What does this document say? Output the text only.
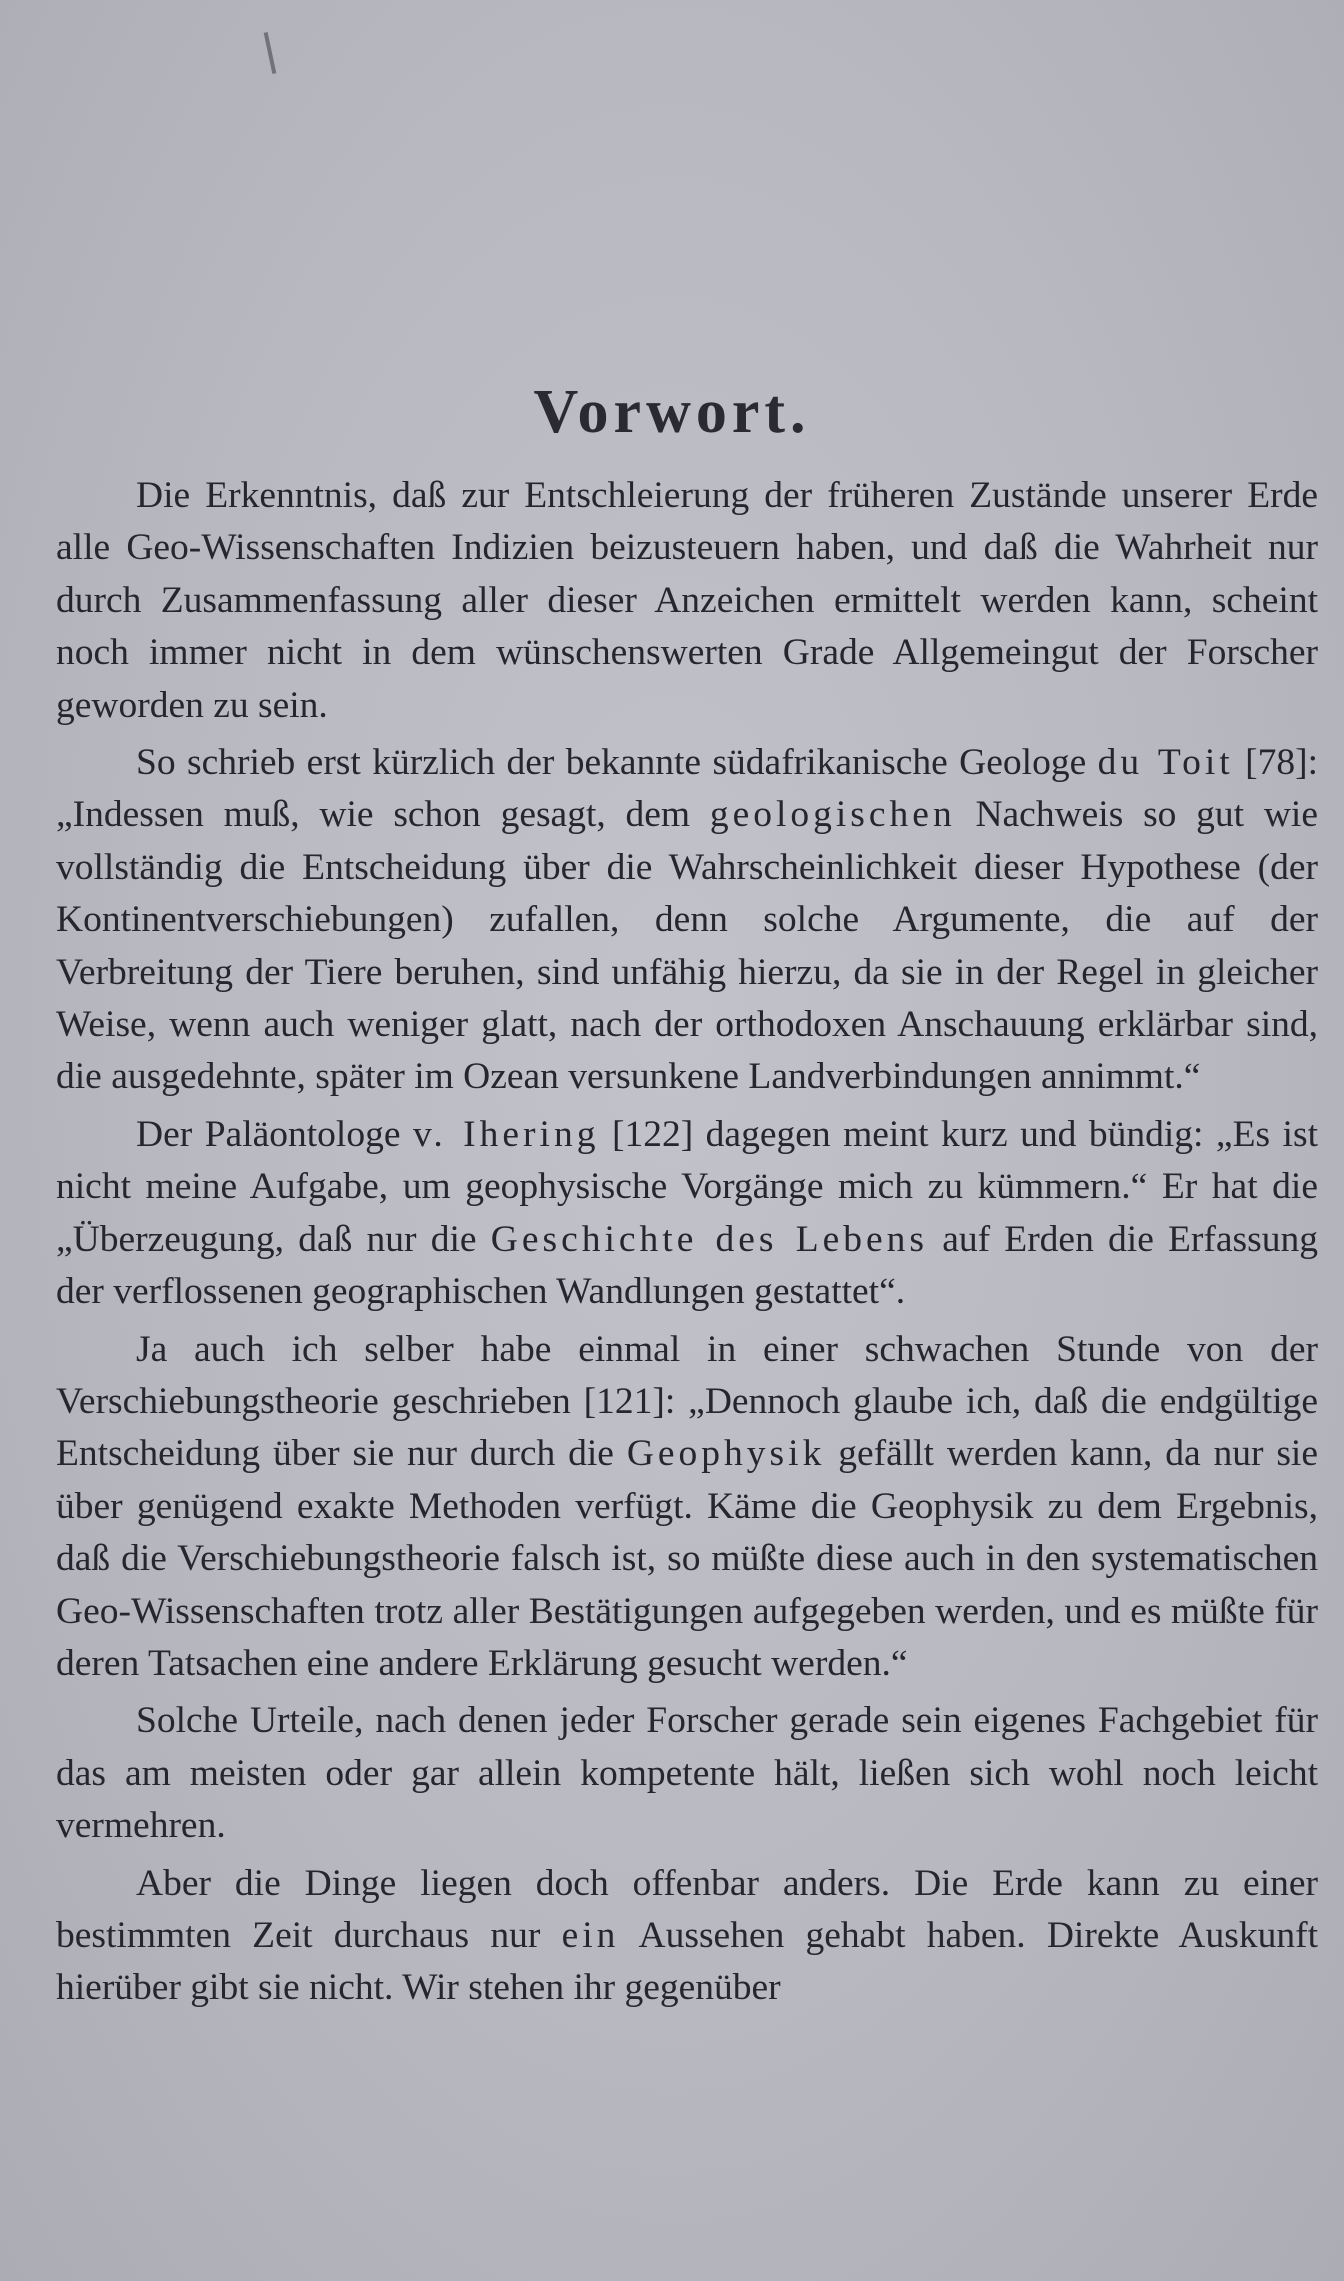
Vorwort.

Die Erkenntnis, daß zur Entschleierung der früheren Zustände unserer Erde alle Geo-Wissenschaften Indizien beizusteuern haben, und daß die Wahrheit nur durch Zusammenfassung aller dieser Anzeichen ermittelt werden kann, scheint noch immer nicht in dem wünschenswerten Grade Allgemeingut der Forscher geworden zu sein.

So schrieb erst kürzlich der bekannte südafrikanische Geologe du Toit [78]: „Indessen muß, wie schon gesagt, dem geologischen Nachweis so gut wie vollständig die Entscheidung über die Wahrscheinlichkeit dieser Hypothese (der Kontinentverschiebungen) zufallen, denn solche Argumente, die auf der Verbreitung der Tiere beruhen, sind unfähig hierzu, da sie in der Regel in gleicher Weise, wenn auch weniger glatt, nach der orthodoxen Anschauung erklärbar sind, die ausgedehnte, später im Ozean versunkene Landverbindungen annimmt.“

Der Paläontologe v. Ihering [122] dagegen meint kurz und bündig: „Es ist nicht meine Aufgabe, um geophysische Vorgänge mich zu kümmern.“ Er hat die „Überzeugung, daß nur die Geschichte des Lebens auf Erden die Erfassung der verflossenen geographischen Wandlungen gestattet“.

Ja auch ich selber habe einmal in einer schwachen Stunde von der Verschiebungstheorie geschrieben [121]: „Dennoch glaube ich, daß die endgültige Entscheidung über sie nur durch die Geophysik gefällt werden kann, da nur sie über genügend exakte Methoden verfügt. Käme die Geophysik zu dem Ergebnis, daß die Verschiebungstheorie falsch ist, so müßte diese auch in den systematischen Geo-Wissenschaften trotz aller Bestätigungen aufgegeben werden, und es müßte für deren Tatsachen eine andere Erklärung gesucht werden.“

Solche Urteile, nach denen jeder Forscher gerade sein eigenes Fachgebiet für das am meisten oder gar allein kompetente hält, ließen sich wohl noch leicht vermehren.

Aber die Dinge liegen doch offenbar anders. Die Erde kann zu einer bestimmten Zeit durchaus nur ein Aussehen gehabt haben. Direkte Auskunft hierüber gibt sie nicht. Wir stehen ihr gegenüber
